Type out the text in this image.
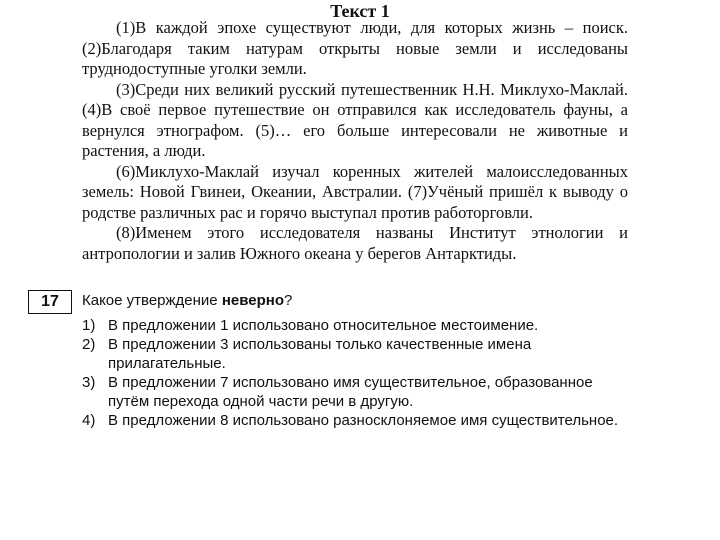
Текст 1

(1)В каждой эпохе существуют люди, для которых жизнь – поиск. (2)Благодаря таким натурам открыты новые земли и исследованы труднодоступные уголки земли.

(3)Среди них великий русский путешественник Н.Н. Миклухо-Маклай. (4)В своё первое путешествие он отправился как исследователь фауны, а вернулся этнографом. (5)… его больше интересовали не животные и растения, а люди.

(6)Миклухо-Маклай изучал коренных жителей малоисследованных земель: Новой Гвинеи, Океании, Австралии. (7)Учёный пришёл к выводу о родстве различных рас и горячо выступал против работорговли.

(8)Именем этого исследователя названы Институт этнологии и антропологии и залив Южного океана у берегов Антарктиды.

17	Какое утверждение неверно?
1) В предложении 1 использовано относительное местоимение.
2) В предложении 3 использованы только качественные имена прилагательные.
3) В предложении 7 использовано имя существительное, образованное путём перехода одной части речи в другую.
4) В предложении 8 использовано разносклоняемое имя существительное.
